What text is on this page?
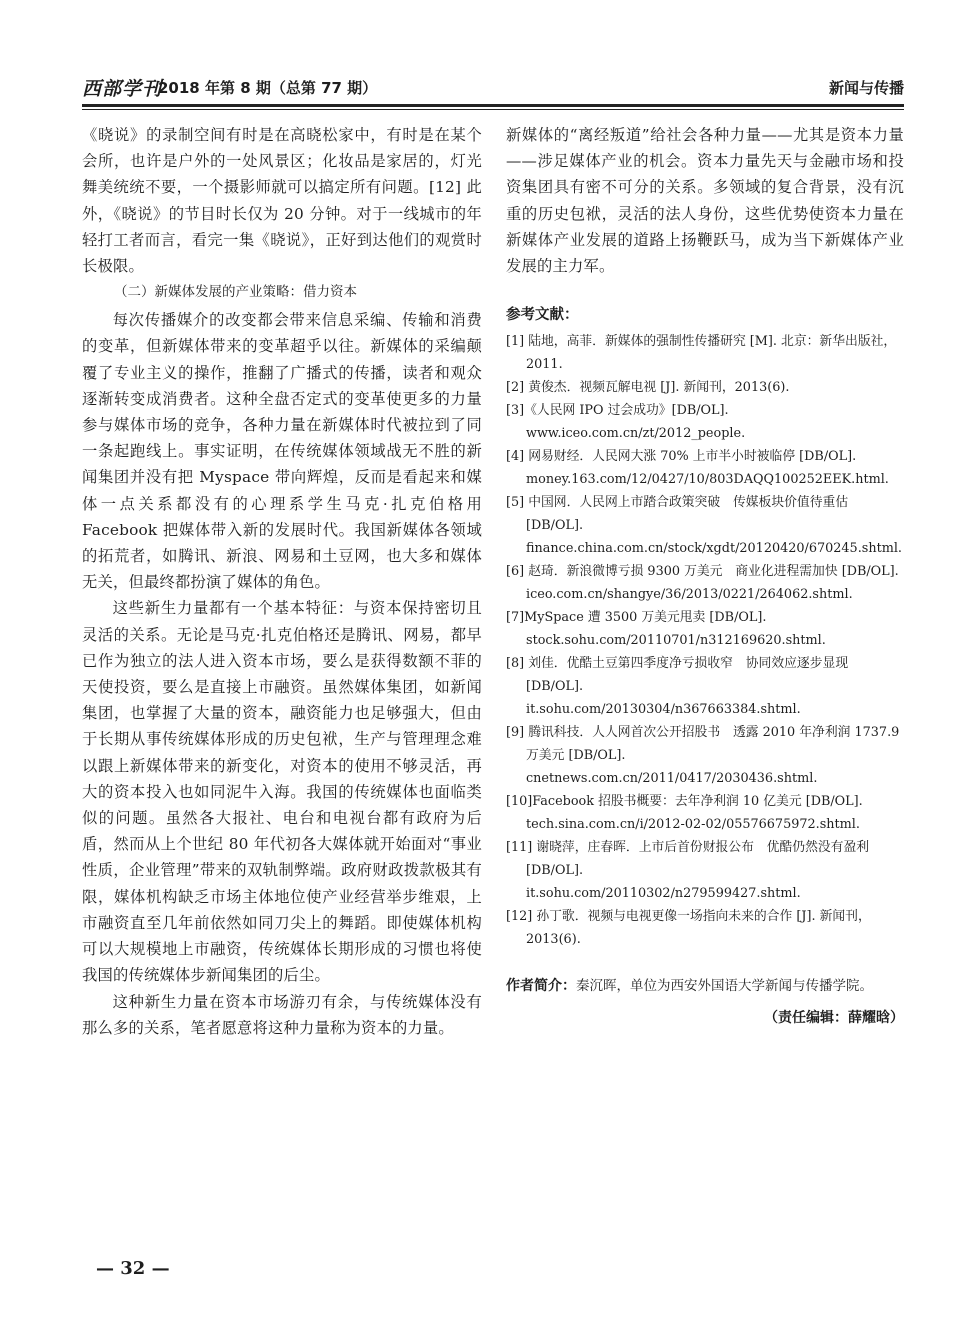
西部学刊
2018 年第 8 期（总第 77 期）	新闻与传播

《晓说》的录制空间有时是在高晓松家中，有时是在某个会所，也许是户外的一处风景区；化妆品是家居的，灯光舞美统统不要，一个摄影师就可以搞定所有问题。[12] 此外，《晓说》的节目时长仅为 20 分钟。对于一线城市的年轻打工者而言，看完一集《晓说》，正好到达他们的观赏时长极限。

（二）新媒体发展的产业策略：借力资本

每次传播媒介的改变都会带来信息采编、传输和消费的变革，但新媒体带来的变革超乎以往。新媒体的采编颠覆了专业主义的操作，推翻了广播式的传播，读者和观众逐渐转变成消费者。这种全盘否定式的变革使更多的力量参与媒体市场的竞争，各种力量在新媒体时代被拉到了同一条起跑线上。事实证明，在传统媒体领域战无不胜的新闻集团并没有把 Myspace 带向辉煌，反而是看起来和媒体一点关系都没有的心理系学生马克·扎克伯格用 Facebook 把媒体带入新的发展时代。我国新媒体各领域的拓荒者，如腾讯、新浪、网易和土豆网，也大多和媒体无关，但最终都扮演了媒体的角色。

这些新生力量都有一个基本特征：与资本保持密切且灵活的关系。无论是马克·扎克伯格还是腾讯、网易，都早已作为独立的法人进入资本市场，要么是获得数额不菲的天使投资，要么是直接上市融资。虽然媒体集团，如新闻集团，也掌握了大量的资本，融资能力也足够强大，但由于长期从事传统媒体形成的历史包袱，生产与管理理念难以跟上新媒体带来的新变化，对资本的使用不够灵活，再大的资本投入也如同泥牛入海。我国的传统媒体也面临类似的问题。虽然各大报社、电台和电视台都有政府为后盾，然而从上个世纪 80 年代初各大媒体就开始面对“事业性质，企业管理”带来的双轨制弊端。政府财政拨款极其有限，媒体机构缺乏市场主体地位使产业经营举步维艰，上市融资直至几年前依然如同刀尖上的舞蹈。即使媒体机构可以大规模地上市融资，传统媒体长期形成的习惯也将使我国的传统媒体步新闻集团的后尘。

这种新生力量在资本市场游刃有余，与传统媒体没有那么多的关系，笔者愿意将这种力量称为资本的力量。

新媒体的“离经叛道”给社会各种力量——尤其是资本力量——涉足媒体产业的机会。资本力量先天与金融市场和投资集团具有密不可分的关系。多领域的复合背景，没有沉重的历史包袱，灵活的法人身份，这些优势使资本力量在新媒体产业发展的道路上扬鞭跃马，成为当下新媒体产业发展的主力军。

参考文献：

[1] 陆地，高菲．新媒体的强制性传播研究 [M]. 北京：新华出版社，2011.

[2] 黄俊杰．视频瓦解电视 [J]. 新闻刊，2013(6).

[3]《人民网 IPO 过会成功》[DB/OL].
www.iceo.com.cn/zt/2012_people.

[4] 网易财经．人民网大涨 70% 上市半小时被临停 [DB/OL].
money.163.com/12/0427/10/803DAQQ100252EEK.html.

[5] 中国网．人民网上市踏合政策突破　传媒板块价值待重估 [DB/OL].
finance.china.com.cn/stock/xgdt/20120420/670245.shtml.

[6] 赵琦．新浪微博亏损 9300 万美元　商业化进程需加快 [DB/OL].
iceo.com.cn/shangye/36/2013/0221/264062.shtml.

[7]MySpace 遭 3500 万美元甩卖 [DB/OL].
stock.sohu.com/20110701/n312169620.shtml.

[8] 刘佳．优酷土豆第四季度净亏损收窄　协同效应逐步显现 [DB/OL].
it.sohu.com/20130304/n367663384.shtml.

[9] 腾讯科技．人人网首次公开招股书　透露 2010 年净利润 1737.9 万美元 [DB/OL].
cnetnews.com.cn/2011/0417/2030436.shtml.

[10]Facebook 招股书概要：去年净利润 10 亿美元 [DB/OL].
tech.sina.com.cn/i/2012-02-02/05576675972.shtml.

[11] 谢晓萍，庄春晖．上市后首份财报公布　优酷仍然没有盈利 [DB/OL].
it.sohu.com/20110302/n279599427.shtml.

[12] 孙丁歌．视频与电视更像一场指向未来的合作 [J]. 新闻刊，2013(6).

作者简介：秦沉晖，单位为西安外国语大学新闻与传播学院。
（责任编辑：薛耀晗）
— 32 —
